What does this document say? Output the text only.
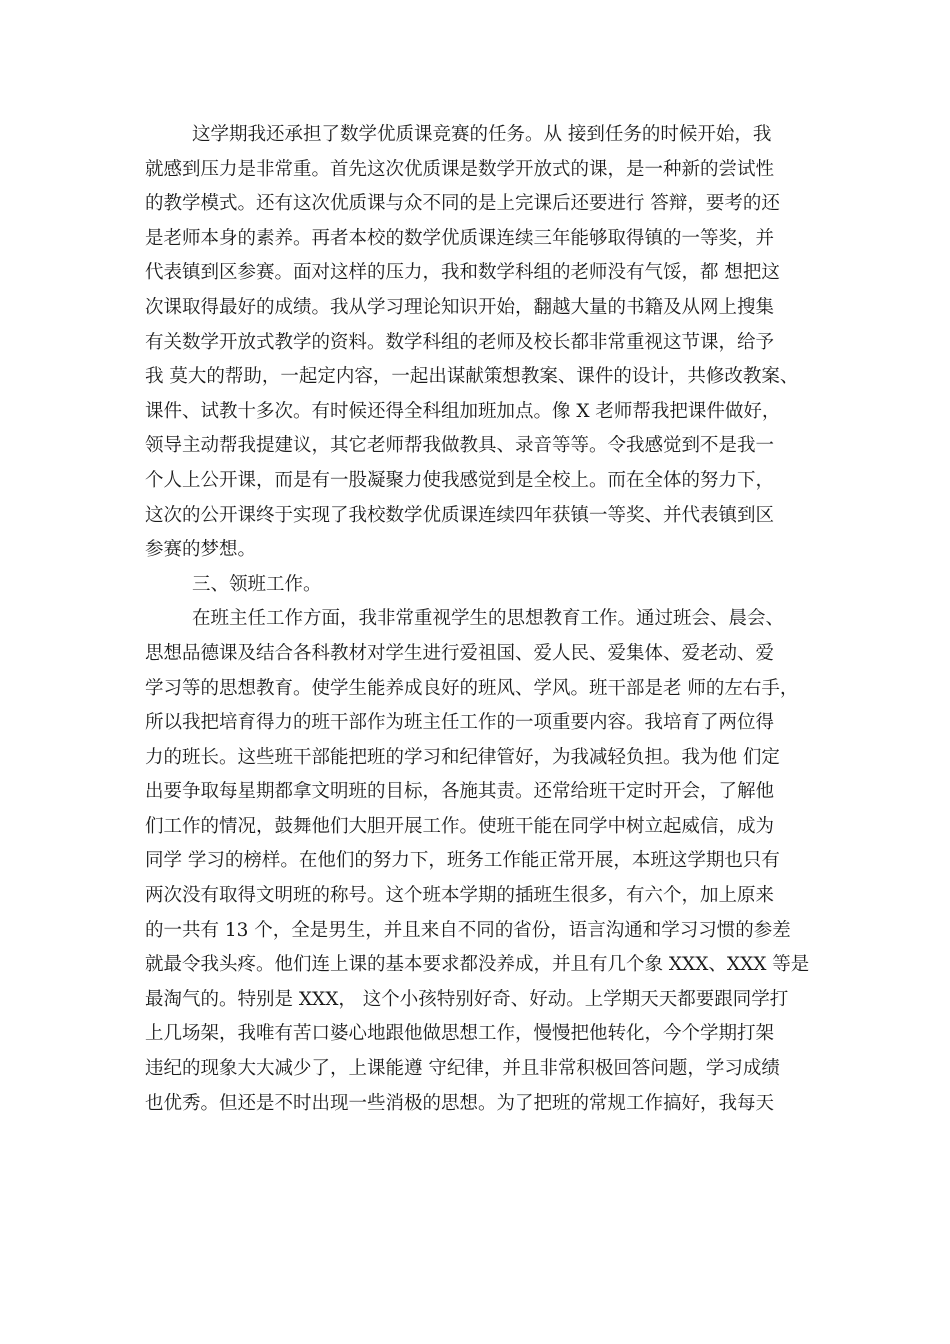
这学期我还承担了数学优质课竞赛的任务。从 接到任务的时候开始，我
就感到压力是非常重。首先这次优质课是数学开放式的课，是一种新的尝试性
的教学模式。还有这次优质课与众不同的是上完课后还要进行 答辩，要考的还
是老师本身的素养。再者本校的数学优质课连续三年能够取得镇的一等奖，并
代表镇到区参赛。面对这样的压力，我和数学科组的老师没有气馁，都 想把这
次课取得最好的成绩。我从学习理论知识开始，翻越大量的书籍及从网上搜集
有关数学开放式教学的资料。数学科组的老师及校长都非常重视这节课，给予
我 莫大的帮助，一起定内容，一起出谋献策想教案、课件的设计，共修改教案、
课件、试教十多次。有时候还得全科组加班加点。像 X 老师帮我把课件做好，
领导主动帮我提建议，其它老师帮我做教具、录音等等。令我感觉到不是我一
个人上公开课，而是有一股凝聚力使我感觉到是全校上。而在全体的努力下，
这次的公开课终于实现了我校数学优质课连续四年获镇一等奖、并代表镇到区
参赛的梦想。
三、领班工作。
在班主任工作方面，我非常重视学生的思想教育工作。通过班会、晨会、
思想品德课及结合各科教材对学生进行爱祖国、爱人民、爱集体、爱老动、爱
学习等的思想教育。使学生能养成良好的班风、学风。班干部是老 师的左右手，
所以我把培育得力的班干部作为班主任工作的一项重要内容。我培育了两位得
力的班长。这些班干部能把班的学习和纪律管好，为我减轻负担。我为他 们定
出要争取每星期都拿文明班的目标，各施其责。还常给班干定时开会，了解他
们工作的情况，鼓舞他们大胆开展工作。使班干能在同学中树立起威信，成为
同学 学习的榜样。在他们的努力下，班务工作能正常开展，本班这学期也只有
两次没有取得文明班的称号。这个班本学期的插班生很多，有六个，加上原来
的一共有 13 个，全是男生，并且来自不同的省份，语言沟通和学习习惯的参差
就最令我头疼。他们连上课的基本要求都没养成，并且有几个象 XXX、XXX 等是
最淘气的。特别是 XXX， 这个小孩特别好奇、好动。上学期天天都要跟同学打
上几场架，我唯有苦口婆心地跟他做思想工作，慢慢把他转化，今个学期打架
违纪的现象大大减少了，上课能遵 守纪律，并且非常积极回答问题，学习成绩
也优秀。但还是不时出现一些消极的思想。为了把班的常规工作搞好，我每天
